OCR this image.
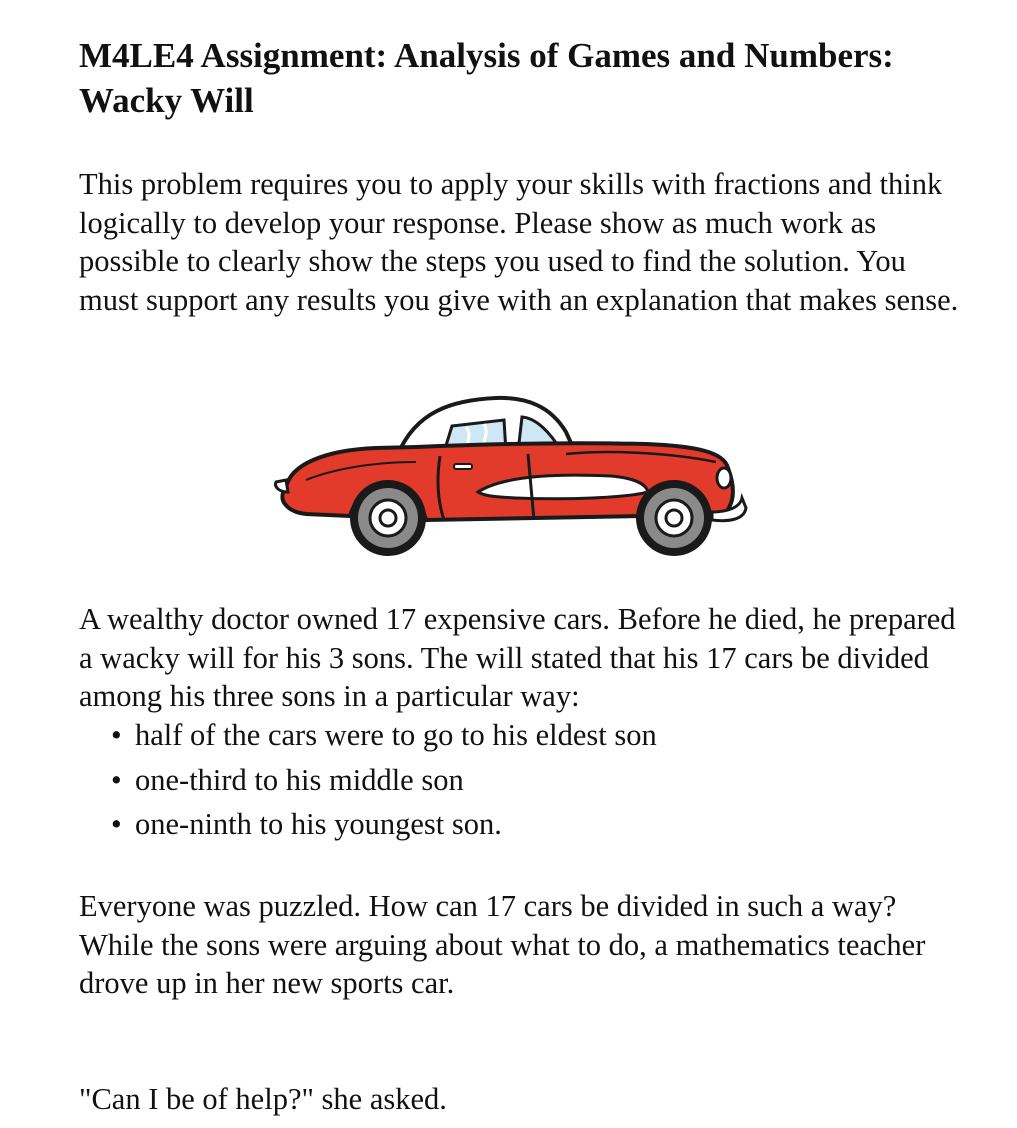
M4LE4 Assignment: Analysis of Games and Numbers: Wacky Will

This problem requires you to apply your skills with fractions and think logically to develop your response. Please show as much work as possible to clearly show the steps you used to find the solution. You must support any results you give with an explanation that makes sense.

A wealthy doctor owned 17 expensive cars. Before he died, he prepared a wacky will for his 3 sons. The will stated that his 17 cars be divided among his three sons in a particular way:

• half of the cars were to go to his eldest son
• one-third to his middle son
• one-ninth to his youngest son.
Everyone was puzzled. How can 17 cars be divided in such a way?
While the sons were arguing about what to do, a mathematics teacher drove up in her new sports car.

"Can I be of help?" she asked.
